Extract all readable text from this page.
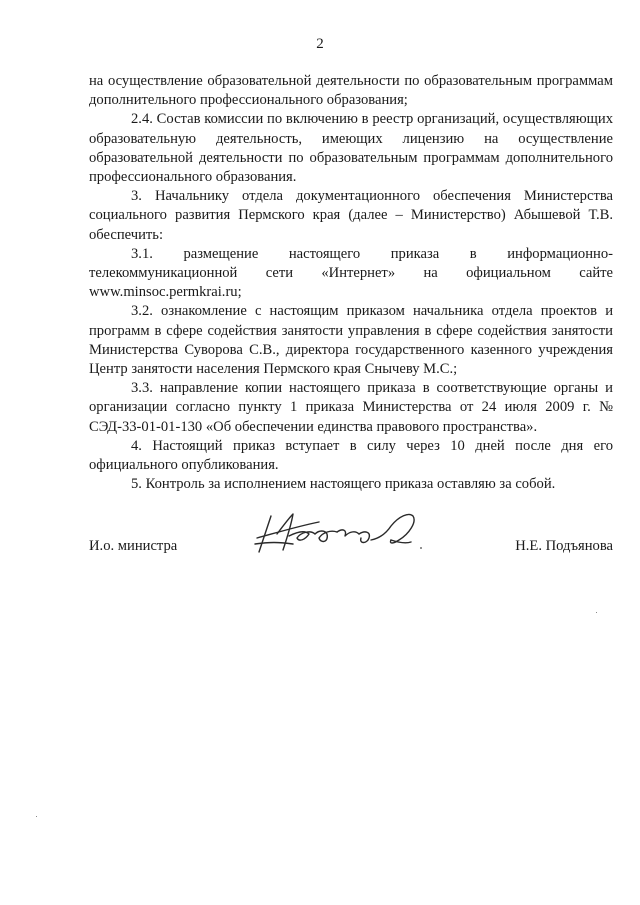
2

на осуществление образовательной деятельности по образовательным программам дополнительного профессионального образования;

2.4. Состав комиссии по включению в реестр организаций, осуществляющих образовательную деятельность, имеющих лицензию на осуществление образовательной деятельности по образовательным программам дополнительного профессионального образования.

3. Начальнику отдела документационного обеспечения Министерства социального развития Пермского края (далее – Министерство) Абышевой Т.В. обеспечить:

3.1. размещение настоящего приказа в информационно-телекоммуникационной сети «Интернет» на официальном сайте www.minsoc.permkrai.ru;

3.2. ознакомление с настоящим приказом начальника отдела проектов и программ в сфере содействия занятости управления в сфере содействия занятости Министерства Суворова С.В., директора государственного казенного учреждения Центр занятости населения Пермского края Снычеву М.С.;

3.3. направление копии настоящего приказа в соответствующие органы и организации согласно пункту 1 приказа Министерства от 24 июля 2009 г. № СЭД-33-01-01-130 «Об обеспечении единства правового пространства».

4. Настоящий приказ вступает в силу через 10 дней после дня его официального опубликования.

5. Контроль за исполнением настоящего приказа оставляю за собой.

И.о. министра	Н.Е. Подъянова
